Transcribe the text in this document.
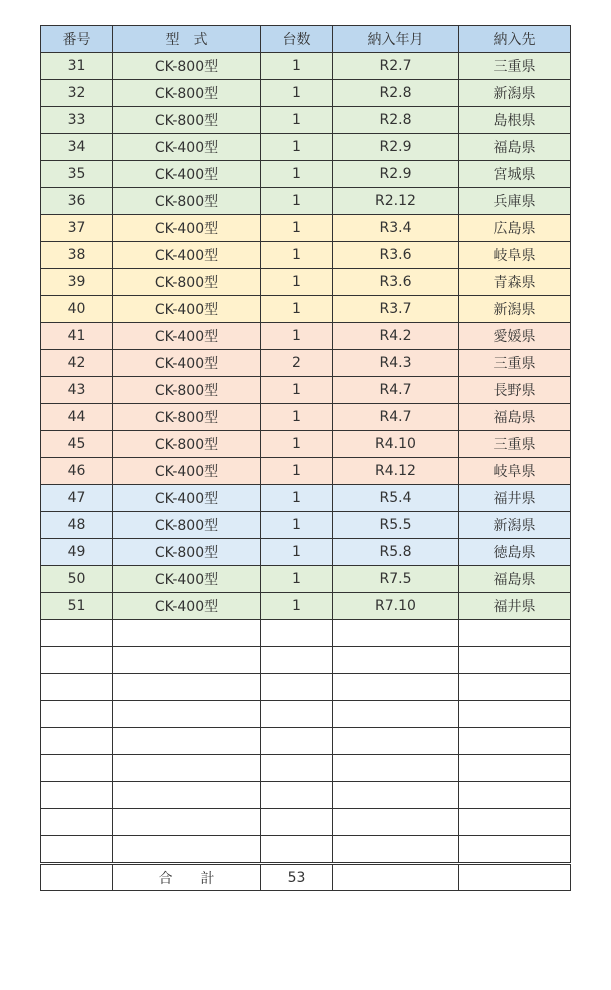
番号	型　式	台数	納入年月	納入先
31	CK-800型	1	R2.7	三重県
32	CK-800型	1	R2.8	新潟県
33	CK-800型	1	R2.8	島根県
34	CK-400型	1	R2.9	福島県
35	CK-400型	1	R2.9	宮城県
36	CK-800型	1	R2.12	兵庫県
37	CK-400型	1	R3.4	広島県
38	CK-400型	1	R3.6	岐阜県
39	CK-800型	1	R3.6	青森県
40	CK-400型	1	R3.7	新潟県
41	CK-400型	1	R4.2	愛媛県
42	CK-400型	2	R4.3	三重県
43	CK-800型	1	R4.7	長野県
44	CK-800型	1	R4.7	福島県
45	CK-800型	1	R4.10	三重県
46	CK-400型	1	R4.12	岐阜県
47	CK-400型	1	R5.4	福井県
48	CK-800型	1	R5.5	新潟県
49	CK-800型	1	R5.8	徳島県
50	CK-400型	1	R7.5	福島県
51	CK-400型	1	R7.10	福井県

	合　　計	53		
